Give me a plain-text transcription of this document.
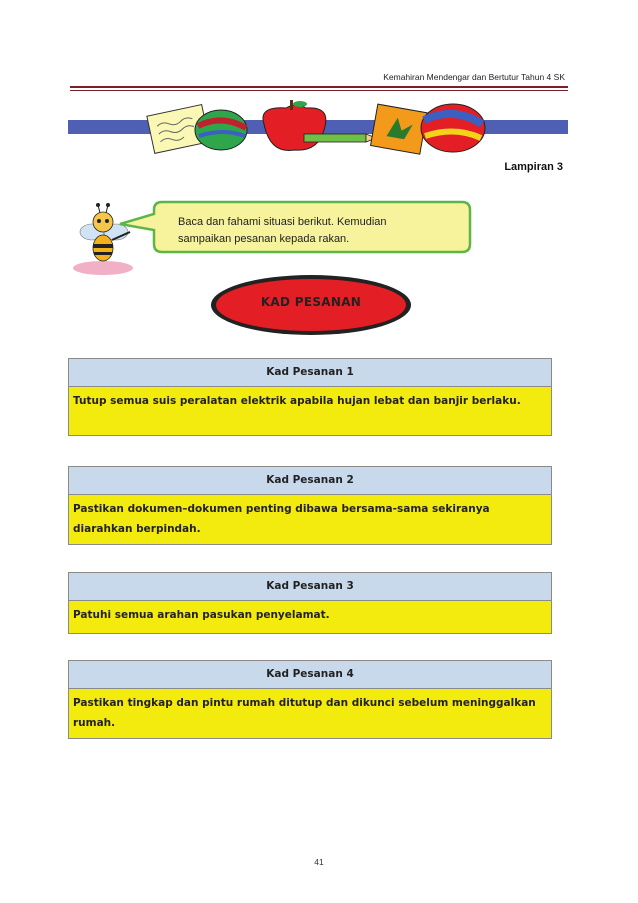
Kemahiran Mendengar dan Bertutur Tahun 4 SK
Lampiran 3
Baca dan fahami situasi berikut. Kemudian
sampaikan pesanan kepada rakan.
KAD PESANAN
Kad Pesanan 1
Tutup semua suis peralatan elektrik apabila hujan lebat dan banjir berlaku.
Kad Pesanan 2
Pastikan dokumen–dokumen penting dibawa bersama-sama sekiranya diarahkan berpindah.
Kad Pesanan 3
Patuhi semua arahan pasukan penyelamat.
Kad Pesanan 4
Pastikan tingkap dan pintu rumah ditutup dan dikunci sebelum meninggalkan rumah.
41
